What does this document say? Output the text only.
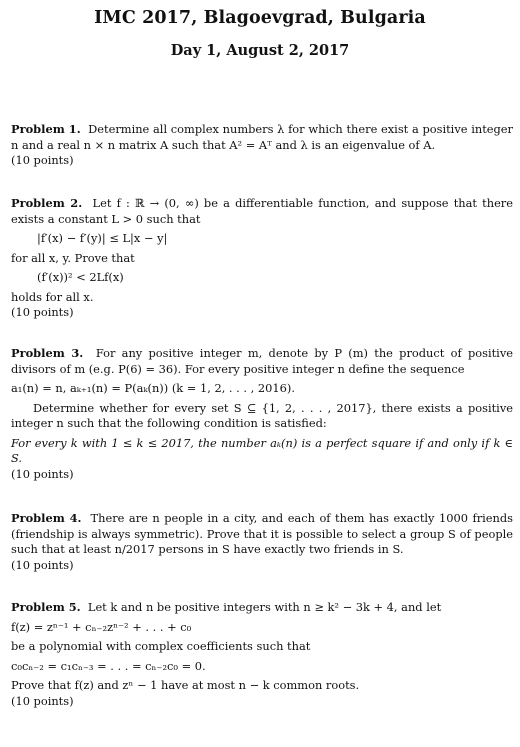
IMC 2017, Blagoevgrad, Bulgaria
Day 1, August 2, 2017

Problem 1. Determine all complex numbers λ for which there exist a positive integer n and a real n × n matrix A such that A² = Aᵀ and λ is an eigenvalue of A.

(10 points)

Problem 2. Let f : ℝ → (0, ∞) be a differentiable function, and suppose that there exists a constant L > 0 such that

|f′(x) − f′(y)| ≤ L|x − y|

for all x, y. Prove that

(f′(x))² < 2Lf(x)

holds for all x.

(10 points)

Problem 3. For any positive integer m, denote by P (m) the product of positive divisors of m (e.g. P(6) = 36). For every positive integer n define the sequence

a₁(n) = n, aₖ₊₁(n) = P(aₖ(n)) (k = 1, 2, . . . , 2016).

Determine whether for every set S ⊆ {1, 2, . . . , 2017}, there exists a positive integer n such that the following condition is satisfied:

For every k with 1 ≤ k ≤ 2017, the number aₖ(n) is a perfect square if and only if k ∈ S.

(10 points)

Problem 4. There are n people in a city, and each of them has exactly 1000 friends (friendship is always symmetric). Prove that it is possible to select a group S of people such that at least n/2017 persons in S have exactly two friends in S.

(10 points)

Problem 5. Let k and n be positive integers with n ≥ k² − 3k + 4, and let

f(z) = zⁿ⁻¹ + cₙ₋₂zⁿ⁻² + . . . + c₀

be a polynomial with complex coefficients such that

c₀cₙ₋₂ = c₁cₙ₋₃ = . . . = cₙ₋₂c₀ = 0.

Prove that f(z) and zⁿ − 1 have at most n − k common roots.

(10 points)
